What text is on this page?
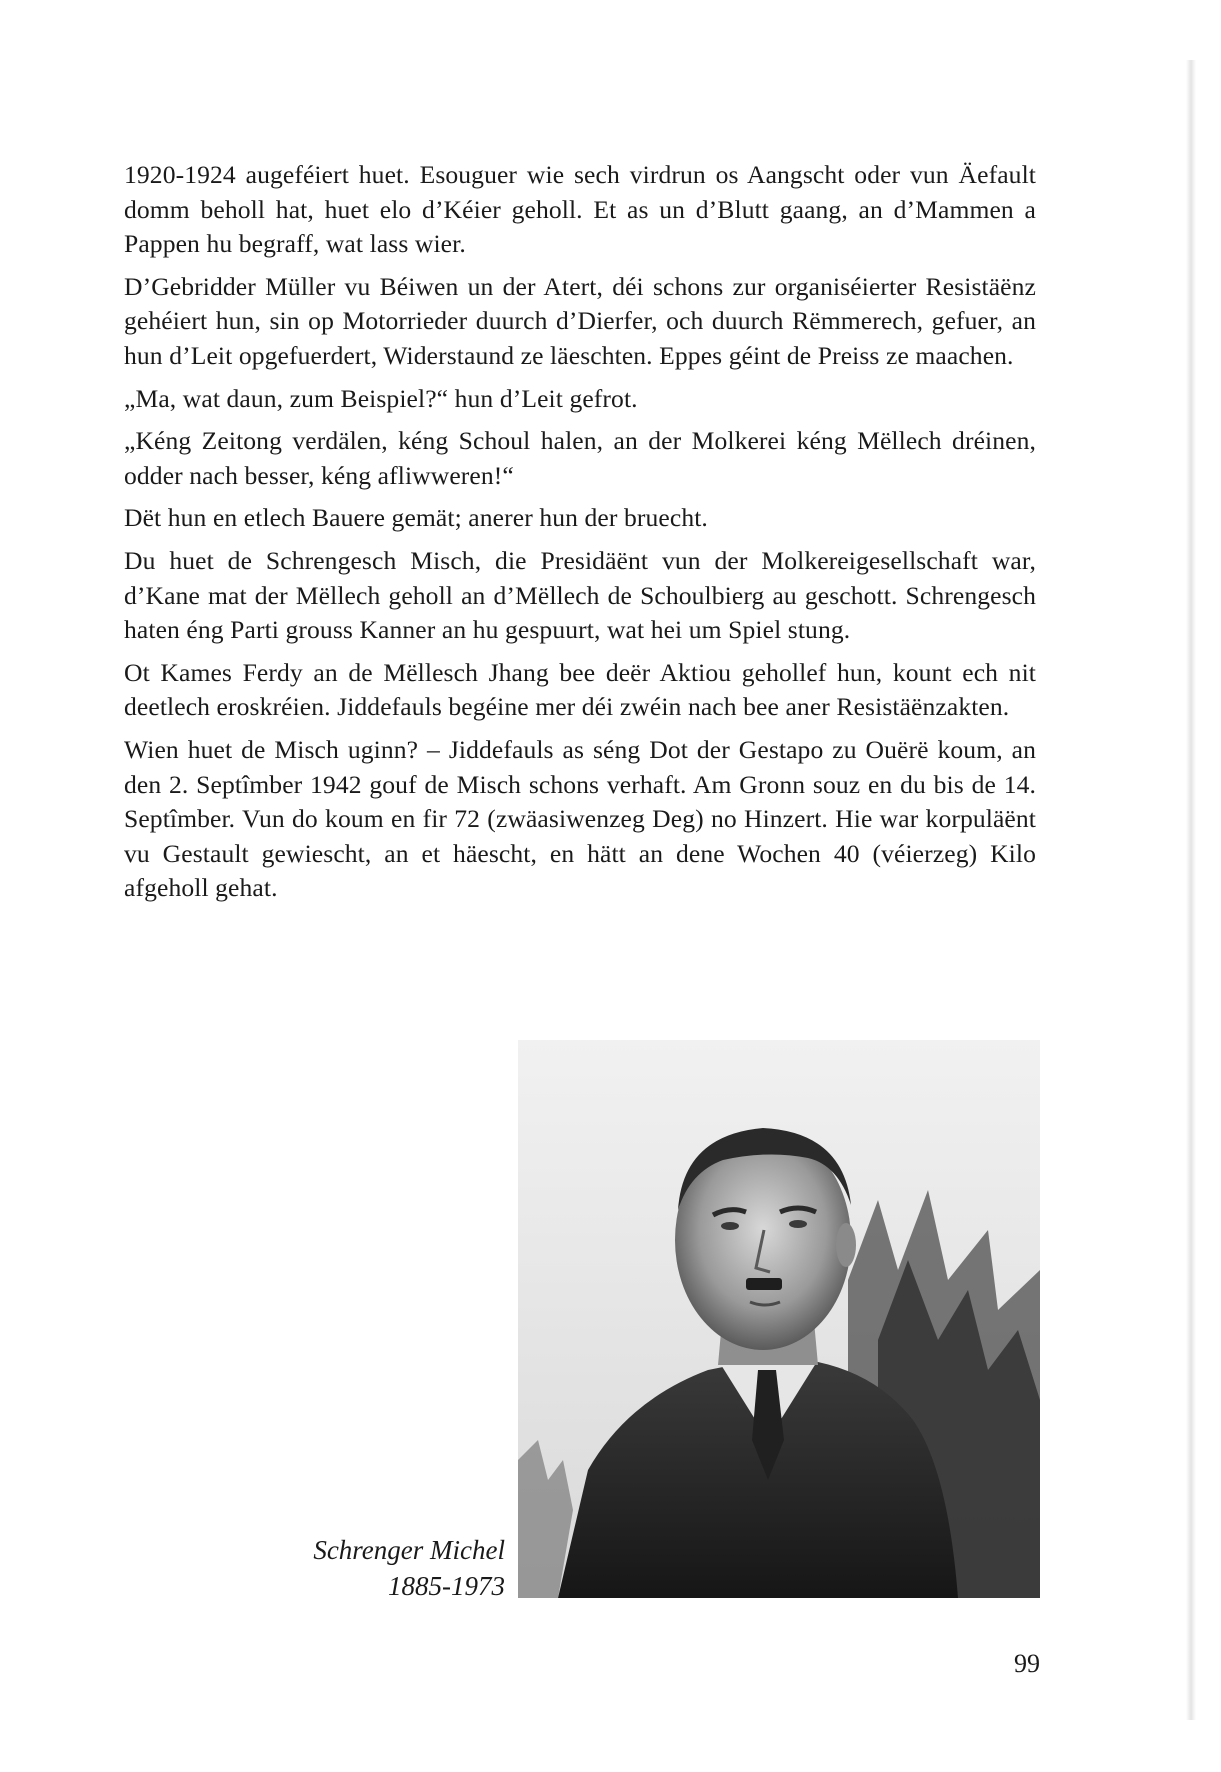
1920-1924 augeféiert huet. Esouguer wie sech virdrun os Aangscht oder vun Äefault domm beholl hat, huet elo d’Kéier geholl. Et as un d’Blutt gaang, an d’Mammen a Pappen hu begraff, wat lass wier.

D’Gebridder Müller vu Béiwen un der Atert, déi schons zur organiséierter Resistäënz gehéiert hun, sin op Motorrieder duurch d’Dierfer, och duurch Rëmmerech, gefuer, an hun d’Leit opgefuerdert, Widerstaund ze läeschten. Eppes géint de Preiss ze maachen.

„Ma, wat daun, zum Beispiel?“ hun d’Leit gefrot.

„Kéng Zeitong verdälen, kéng Schoul halen, an der Molkerei kéng Mëllech dréinen, odder nach besser, kéng afliwweren!“

Dët hun en etlech Bauere gemät; anerer hun der bruecht.

Du huet de Schrengesch Misch, die Presidäënt vun der Molkereigesellschaft war, d’Kane mat der Mëllech geholl an d’Mëllech de Schoulbierg au geschott. Schrengesch haten éng Parti grouss Kanner an hu gespuurt, wat hei um Spiel stung.

Ot Kames Ferdy an de Mëllesch Jhang bee deër Aktiou gehollef hun, kount ech nit deetlech eroskréien. Jiddefauls begéine mer déi zwéin nach bee aner Resistäënzakten.

Wien huet de Misch uginn? – Jiddefauls as séng Dot der Gestapo zu Ouërë koum, an den 2. Septîmber 1942 gouf de Misch schons verhaft. Am Gronn souz en du bis de 14. Septîmber. Vun do koum en fir 72 (zwäasiwenzeg Deg) no Hinzert. Hie war korpuläënt vu Gestault gewiescht, an et häescht, en hätt an dene Wochen 40 (véierzeg) Kilo afgeholl gehat.

Schrenger Michel
1885-1973
99
